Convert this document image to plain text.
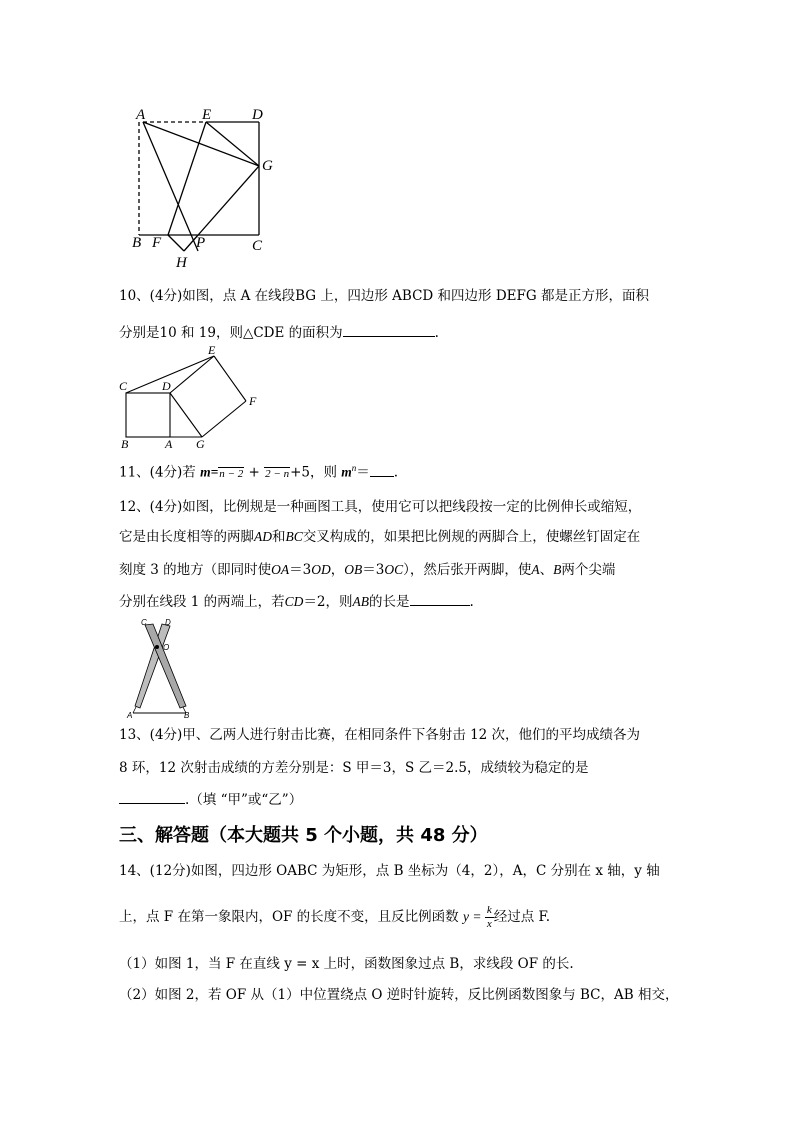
A	E	D
G
B F P	C
H
10、(4分)如图，点 A 在线段BG 上，四边形 ABCD 和四边形 DEFG 都是正方形，面积
分别是10 和 19，则△CDE 的面积为	.
E
C	D
F
B	A G
11、(4分)若 m=n − 2 + 2 − n+5，则 $m^n=$ .
12、(4分)如图，比例规是一种画图工具，使用它可以把线段按一定的比例伸长或缩短，
它是由长度相等的两脚AD和BC交叉构成的，如果把比例规的两脚合上，使螺丝钉固定在
刻度 3 的地方（即同时使OA＝3OD，OB＝3OC），然后张开两脚，使A、B两个尖端
分别在线段 1 的两端上，若CD＝2，则AB的长是	.
C D
O
A	B
13、(4分)甲、乙两人进行射击比赛，在相同条件下各射击 12 次，他们的平均成绩各为
8 环，12 次射击成绩的方差分别是：S 甲＝3，S 乙＝2.5，成绩较为稳定的是
.（填 “甲”或“乙”）
三、解答题（本大题共 5 个小题，共 48 分）
14、(12分)如图，四边形 OABC 为矩形，点 B 坐标为（4，2），A，C 分别在 x 轴，y 轴
上，点 F 在第一象限内，OF 的长度不变，且反比例函数 $y = \frac{k}{x}$ 经过点 F.
（1）如图 1，当 F 在直线 y = x 上时，函数图象过点 B，求线段 OF 的长.
（2）如图 2，若 OF 从（1）中位置绕点 O 逆时针旋转，反比例函数图象与 BC，AB 相交，
